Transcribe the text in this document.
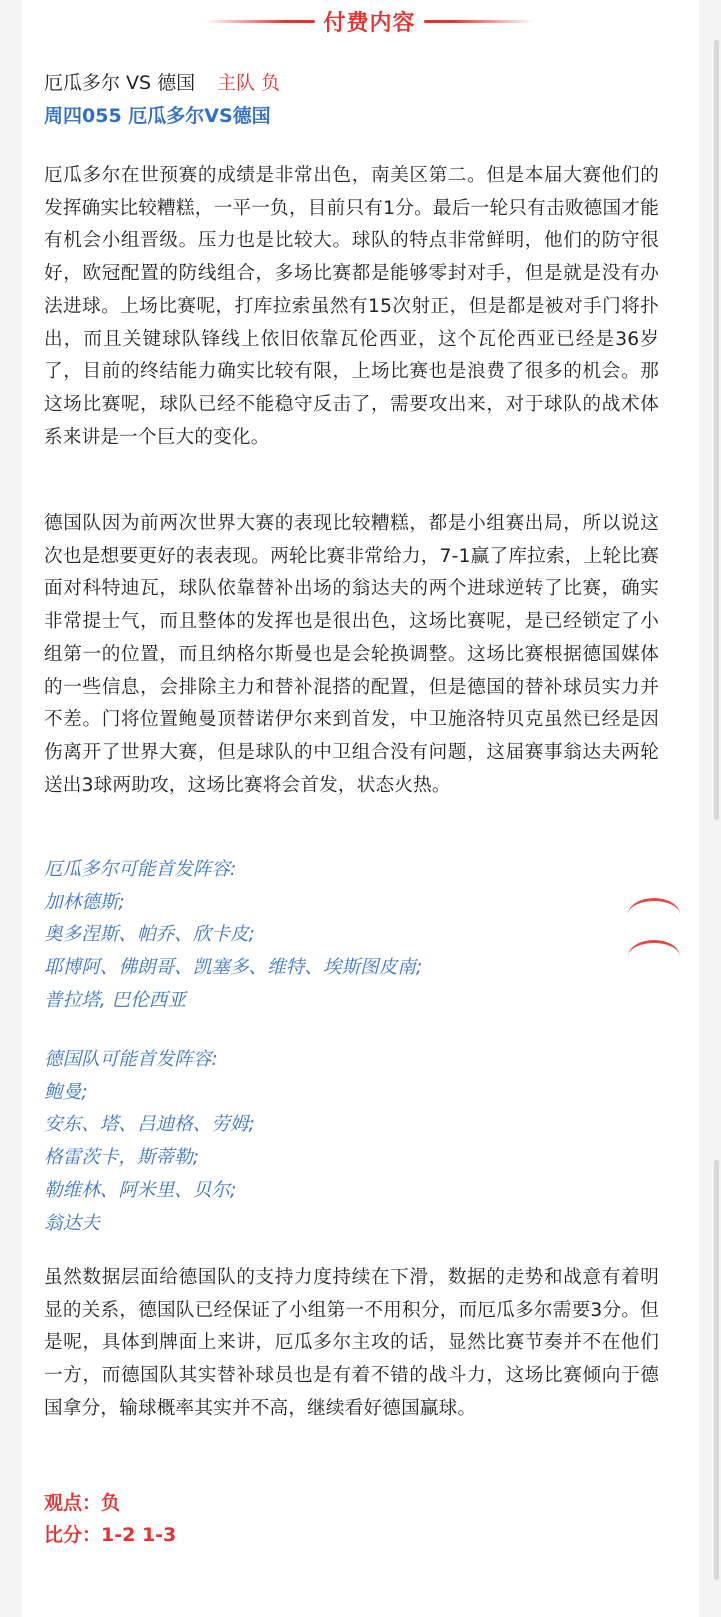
付费内容
厄瓜多尔 VS 德国 主队 负
周四055 厄瓜多尔VS德国
厄瓜多尔在世预赛的成绩是非常出色，南美区第二。但是本届大赛他们的发挥确实比较糟糕，一平一负，目前只有1分。最后一轮只有击败德国才能有机会小组晋级。压力也是比较大。球队的特点非常鲜明，他们的防守很好，欧冠配置的防线组合，多场比赛都是能够零封对手，但是就是没有办法进球。上场比赛呢，打库拉索虽然有15次射正，但是都是被对手门将扑出，而且关键球队锋线上依旧依靠瓦伦西亚，这个瓦伦西亚已经是36岁了，目前的终结能力确实比较有限，上场比赛也是浪费了很多的机会。那这场比赛呢，球队已经不能稳守反击了，需要攻出来，对于球队的战术体系来讲是一个巨大的变化。
德国队因为前两次世界大赛的表现比较糟糕，都是小组赛出局，所以说这次也是想要更好的表表现。两轮比赛非常给力，7-1赢了库拉索，上轮比赛面对科特迪瓦，球队依靠替补出场的翁达夫的两个进球逆转了比赛，确实非常提士气，而且整体的发挥也是很出色，这场比赛呢，是已经锁定了小组第一的位置，而且纳格尔斯曼也是会轮换调整。这场比赛根据德国媒体的一些信息，会排除主力和替补混搭的配置，但是德国的替补球员实力并不差。门将位置鲍曼顶替诺伊尔来到首发，中卫施洛特贝克虽然已经是因伤离开了世界大赛，但是球队的中卫组合没有问题，这届赛事翁达夫两轮送出3球两助攻，这场比赛将会首发，状态火热。
厄瓜多尔可能首发阵容:
加林德斯;
奥多涅斯、帕乔、欣卡皮;
耶博阿、佛朗哥、凯塞多、维特、埃斯图皮南;
普拉塔, 巴伦西亚
德国队可能首发阵容:
鲍曼;
安东、塔、吕迪格、劳姆;
格雷茨卡，斯蒂勒;
勒维林、阿米里、贝尔;
翁达夫
虽然数据层面给德国队的支持力度持续在下滑，数据的走势和战意有着明显的关系，德国队已经保证了小组第一不用积分，而厄瓜多尔需要3分。但是呢，具体到牌面上来讲，厄瓜多尔主攻的话，显然比赛节奏并不在他们一方，而德国队其实替补球员也是有着不错的战斗力，这场比赛倾向于德国拿分，输球概率其实并不高，继续看好德国赢球。
观点：负
比分：1-2 1-3
